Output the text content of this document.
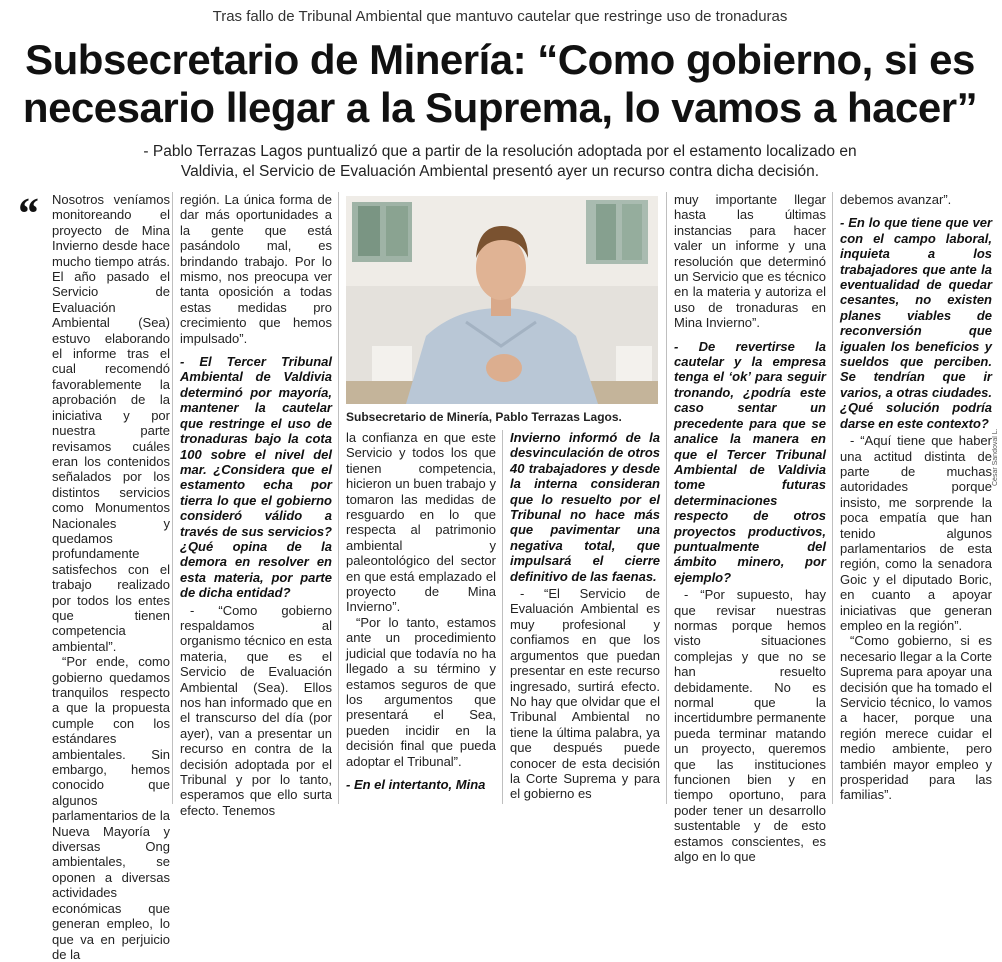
Tras fallo de Tribunal Ambiental que mantuvo cautelar que restringe uso de tronaduras
Subsecretario de Minería: “Como gobierno, si es
necesario llegar a la Suprema, lo vamos a hacer”
- Pablo Terrazas Lagos puntualizó que a partir de la resolución adoptada por el estamento localizado en
Valdivia, el Servicio de Evaluación Ambiental presentó ayer un recurso contra dicha decisión.
“ Nosotros veníamos monitoreando el proyecto de Mina Invierno desde hace mucho tiempo atrás. El año pasado el Servicio de Evaluación Ambiental (Sea) estuvo elaborando el informe tras el cual recomendó favorablemente la aprobación de la iniciativa y por nuestra parte revisamos cuáles eran los contenidos señalados por los distintos servicios como Monumentos Nacionales y quedamos profundamente satisfechos con el trabajo realizado por todos los entes que tienen competencia ambiental”.

“Por ende, como gobierno quedamos tranquilos respecto a que la propuesta cumple con los estándares ambientales. Sin embargo, hemos conocido que algunos parlamentarios de la Nueva Mayoría y diversas Ong ambientales, se oponen a diversas actividades económicas que generan empleo, lo que va en perjuicio de la

región. La única forma de dar más oportunidades a la gente que está pasándolo mal, es brindando trabajo. Por lo mismo, nos preocupa ver tanta oposición a todas estas medidas pro crecimiento que hemos impulsado”.

- El Tercer Tribunal Ambiental de Valdivia determinó por mayoría, mantener la cautelar que restringe el uso de tronaduras bajo la cota 100 sobre el nivel del mar. ¿Considera que el estamento echa por tierra lo que el gobierno consideró válido a través de sus servicios? ¿Qué opina de la demora en resolver en esta materia, por parte de dicha entidad?

- “Como gobierno respaldamos al organismo técnico en esta materia, que es el Servicio de Evaluación Ambiental (Sea). Ellos nos han informado que en el transcurso del día (por ayer), van a presentar un recurso en contra de la decisión adoptada por el Tribunal y por lo tanto, esperamos que ello surta efecto. Tenemos

César Sandoval L.
Subsecretario de Minería, Pablo Terrazas Lagos.

la confianza en que este Servicio y todos los que tienen competencia, hicieron un buen trabajo y tomaron las medidas de resguardo en lo que respecta al patrimonio ambiental y paleontológico del sector en que está emplazado el proyecto de Mina Invierno”.

“Por lo tanto, estamos ante un procedimiento judicial que todavía no ha llegado a su término y estamos seguros de que los argumentos que presentará el Sea, pueden incidir en la decisión final que pueda adoptar el Tribunal”.

- En el intertanto, Mina

Invierno informó de la desvinculación de otros 40 trabajadores y desde la interna consideran que lo resuelto por el Tribunal no hace más que pavimentar una negativa total, que impulsará el cierre definitivo de las faenas.

- “El Servicio de Evaluación Ambiental es muy profesional y confiamos en que los argumentos que puedan presentar en este recurso ingresado, surtirá efecto. No hay que olvidar que el Tribunal Ambiental no tiene la última palabra, ya que después puede conocer de esta decisión la Corte Suprema y para el gobierno es

muy importante llegar hasta las últimas instancias para hacer valer un informe y una resolución que determinó un Servicio que es técnico en la materia y autoriza el uso de tronaduras en Mina Invierno”.

- De revertirse la cautelar y la empresa tenga el ‘ok’ para seguir tronando, ¿podría este caso sentar un precedente para que se analice la manera en que el Tercer Tribunal Ambiental de Valdivia tome futuras determinaciones respecto de otros proyectos productivos, puntualmente del ámbito minero, por ejemplo?

- “Por supuesto, hay que revisar nuestras normas porque hemos visto situaciones complejas y que no se han resuelto debidamente. No es normal que la incertidumbre permanente pueda terminar matando un proyecto, queremos que las instituciones funcionen bien y en tiempo oportuno, para poder tener un desarrollo sustentable y de esto estamos conscientes, es algo en lo que

debemos avanzar”.

- En lo que tiene que ver con el campo laboral, inquieta a los trabajadores que ante la eventualidad de quedar cesantes, no existen planes viables de reconversión que igualen los beneficios y sueldos que perciben. Se tendrían que ir varios, a otras ciudades. ¿Qué solución podría darse en este contexto?

- “Aquí tiene que haber una actitud distinta de parte de muchas autoridades porque insisto, me sorprende la poca empatía que han tenido algunos parlamentarios de esta región, como la senadora Goic y el diputado Boric, en cuanto a apoyar iniciativas que generan empleo en la región”.

“Como gobierno, si es necesario llegar a la Corte Suprema para apoyar una decisión que ha tomado el Servicio técnico, lo vamos a hacer, porque una región merece cuidar el medio ambiente, pero también mayor empleo y prosperidad para las familias”.
